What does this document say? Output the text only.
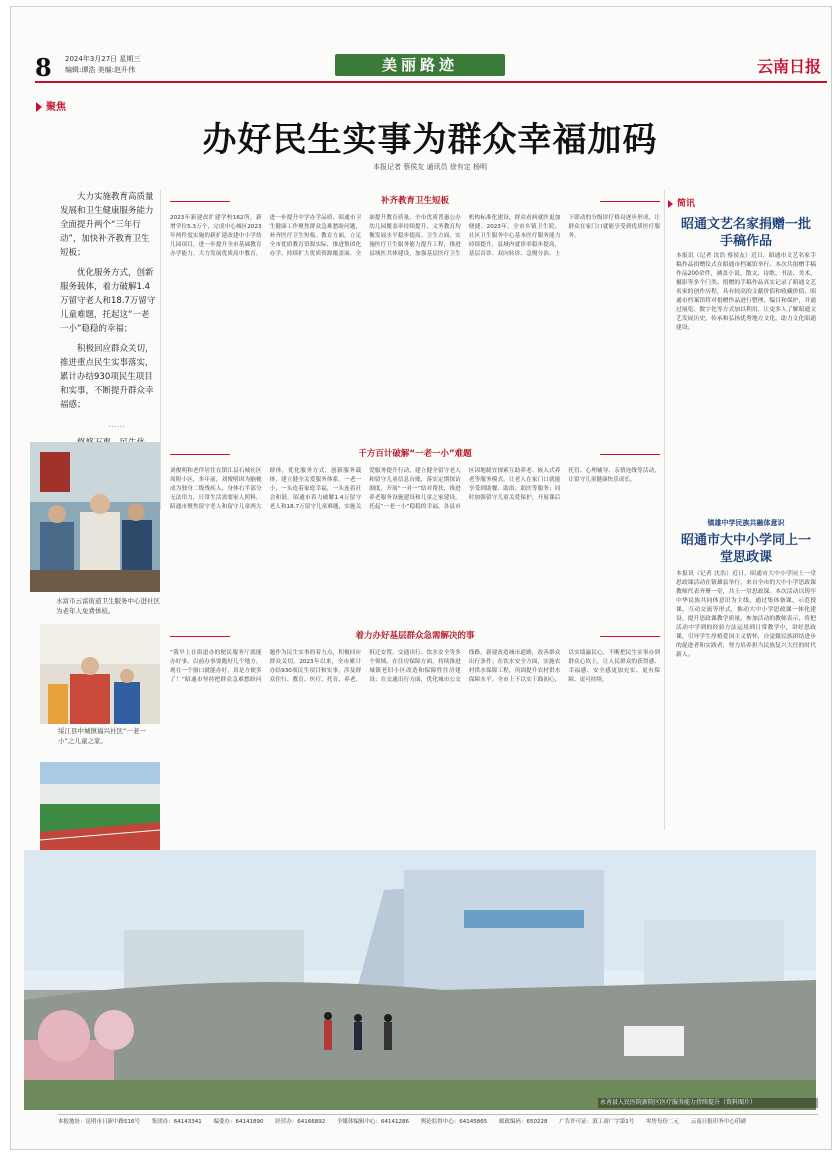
8 2024年3月27日 星期三
编辑:谭浩 美编:赵升伟	美丽路迹	云南日报
聚焦
办好民生实事为群众幸福加码
本报记者 蔡侯友 通讯员 徐有定 杨明

大力实施教育高质量发展和卫生健康服务能力全面提升两个“三年行动”，加快补齐教育卫生短板；

优化服务方式，创新服务载体，着力破解1.4万留守老人和18.7万留守儿童难题，托起这“一老一小”稳稳的幸福；

积极回应群众关切，推进重点民生实事落实，累计办结930项民生项目和实事，不断提升群众幸福感；

……

补齐教育卫生短板
2023年新建改扩建学校162所，新增学位5.3万个，完成中心城区2023年两件度实施的新扩建改建中小学幼儿园项目，进一步提升全市基础教育办学能力。大力发展优质高中教育，进一步提升中学办学品质，昭通市卫生健康工作聚焦群众急难愁盼问题，补齐医疗卫生短板。教育方面，立足全市优质教育资源实际，推进集团化办学，持续扩大优质资源覆盖面，全面提升教育质量。全市优质普惠公办幼儿园覆盖率持续提升，义务教育均衡发展水平稳步提高。卫生方面，实施医疗卫生服务能力提升工程，推进县域医共体建设，加强基层医疗卫生机构标准化建设，群众看病就医更加便捷。2023年，全市乡镇卫生院、社区卫生服务中心基本医疗服务能力持续提升，县域内就诊率稳步提高，基层首诊、双向转诊、急慢分治、上下联动的分级诊疗格局逐步形成，让群众在家门口就能享受到优质医疗服务。
水富市云富街道卫生服务中心进社区为老年人免费体检。
绥江县中城镇福兴社区“一老一小”之儿童之家。
千方百计破解“一老一小”难题
刘俊明和老伴居住在镇江县石城社区周附小区，多年前，刘俊明因为脑梗成为独身二级残疾人，身体右半部分无法用力，日常生活需要家人照料。昭通市聚焦留守老人和留守儿童两大群体，优化服务方式，创新服务载体，建立健全关爱服务体系。一老一小，一头连着家庭幸福，一头连着社会和谐。昭通市着力破解1.4万留守老人和18.7万留守儿童难题，实施关爱服务提升行动，建立健全留守老人和留守儿童信息台账，落实定期探访制度，开展“一对一”结对帮扶，推进养老服务设施建设和儿童之家建设，托起“一老一小”稳稳的幸福。各县市区因地制宜探索互助养老、嵌入式养老等服务模式，让老人在家门口就能享受到助餐、助浴、助医等服务；同时加强留守儿童关爱保护，开展课后托管、心理辅导、亲情连线等活动，让留守儿童健康快乐成长。
着力办好基层群众急需解决的事
“我早上在街道办的便民服务厅就能办好事，以前办事要跑好几个地方，现在一个窗口就能办好，真是方便多了！”昭通市坚持把群众急难愁盼问题作为民生实事的着力点，积极回应群众关切。2023年以来，全市累计办结930项民生项目和实事，涉及群众住行、教育、医疗、托育、养老、拆迁安置、交通出行、饮水安全等多个领域。在住房保障方面，持续推进城镇老旧小区改造和保障性住房建设；在交通出行方面，优化城市公交线路，新建改造城市道路，改善群众出行条件；在饮水安全方面，实施农村供水保障工程，巩固提升农村供水保障水平。全市上下以实干践初心，以实绩赢民心，不断把民生实事办到群众心坎上，让人民群众的获得感、幸福感、安全感更加充实、更有保障、更可持续。
永善县人民医院新院区医疗服务能力持续提升（资料图片）
简讯
昭通文艺名家捐赠一批手稿作品
本报讯（记者 沈浩 蔡侯友）近日，昭通市文艺名家手稿作品捐赠仪式在昭通市档案馆举行。本次共捐赠手稿作品200余件，涵盖小说、散文、诗歌、书法、美术、摄影等多个门类。捐赠的手稿作品真实记录了昭通文艺名家的创作历程，具有较高的文献价值和收藏价值。昭通市档案馆将对捐赠作品进行整理、编目和保护，并通过展览、数字化等方式加以利用，让更多人了解昭通文艺发展历史，传承和弘扬优秀地方文化，助力文化昭通建设。
镇雄中学民族共融体意识
昭通市大中小学同上一堂思政课
本报讯（记者 沈浩）近日，昭通市大中小学同上一堂思政课活动在镇雄县举行，来自全市的大中小学思政课教师代表齐聚一堂，共上一堂思政课。本次活动以铸牢中华民族共同体意识为主线，通过集体备课、示范授课、互动交流等形式，推动大中小学思政课一体化建设，提升思政课教学质量。参加活动的教师表示，将把活动中学到的经验方法运用到日常教学中，讲好思政课，引导学生厚植爱国主义情怀，自觉做民族团结进步的促进者和实践者，努力培养担当民族复兴大任的时代新人。
本报地址：昆明市日新中路516号 集团办：64143341 编委办：64141890 经营办：64166892 全媒体编辑中心：64141286 舆论监督中心：64145865 邮政编码：650228 广告许可证：滇工商广字第1号 零售每份二元 云南日报印务中心印刷
